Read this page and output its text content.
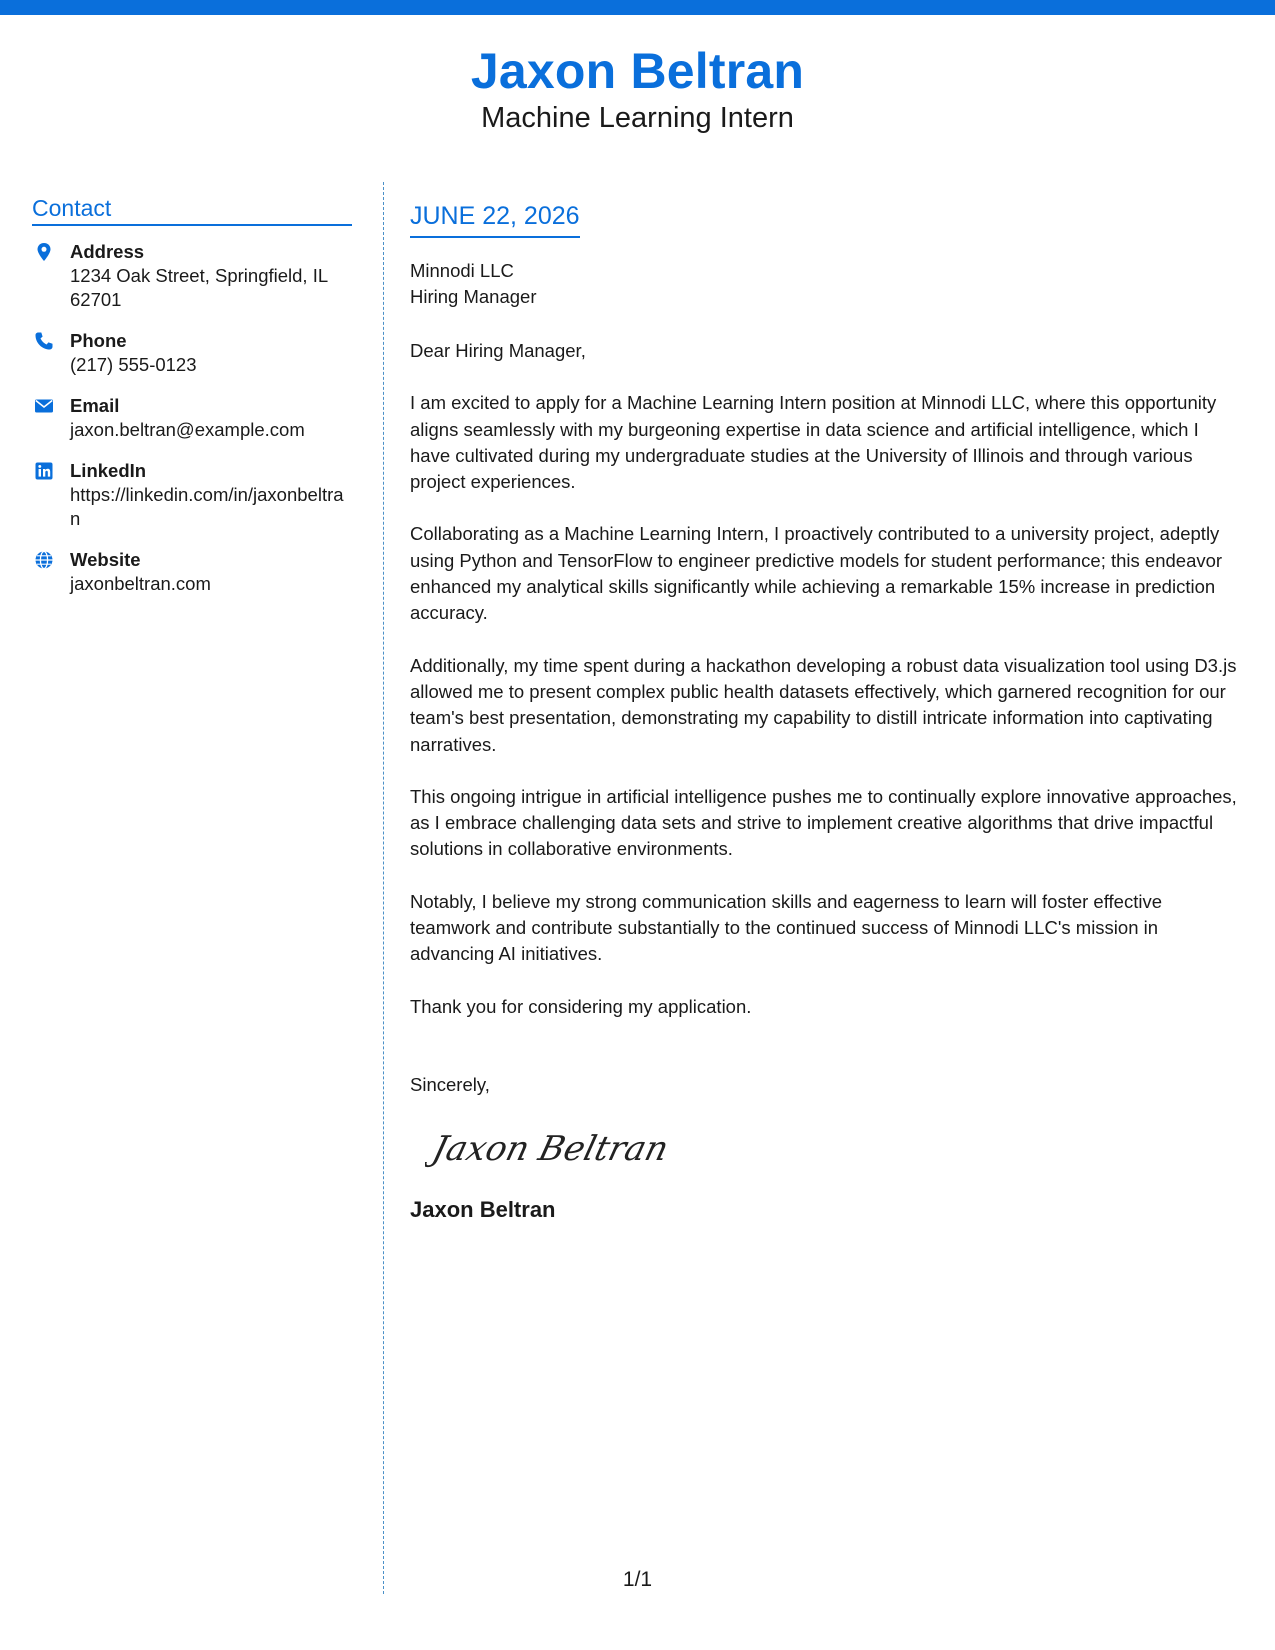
Jaxon Beltran
Machine Learning Intern
Contact
Address
1234 Oak Street, Springfield, IL 62701
Phone
(217) 555-0123
Email
jaxon.beltran@example.com
LinkedIn
https://linkedin.com/in/jaxonbeltran
Website
jaxonbeltran.com
JUNE 22, 2026
Minnodi LLC
Hiring Manager
Dear Hiring Manager,

I am excited to apply for a Machine Learning Intern position at Minnodi LLC, where this opportunity aligns seamlessly with my burgeoning expertise in data science and artificial intelligence, which I have cultivated during my undergraduate studies at the University of Illinois and through various project experiences.

Collaborating as a Machine Learning Intern, I proactively contributed to a university project, adeptly using Python and TensorFlow to engineer predictive models for student performance; this endeavor enhanced my analytical skills significantly while achieving a remarkable 15% increase in prediction accuracy.

Additionally, my time spent during a hackathon developing a robust data visualization tool using D3.js allowed me to present complex public health datasets effectively, which garnered recognition for our team's best presentation, demonstrating my capability to distill intricate information into captivating narratives.

This ongoing intrigue in artificial intelligence pushes me to continually explore innovative approaches, as I embrace challenging data sets and strive to implement creative algorithms that drive impactful solutions in collaborative environments.

Notably, I believe my strong communication skills and eagerness to learn will foster effective teamwork and contribute substantially to the continued success of Minnodi LLC's mission in advancing AI initiatives.

Thank you for considering my application.

Sincerely,
Jaxon Beltran
Jaxon Beltran
1/1
